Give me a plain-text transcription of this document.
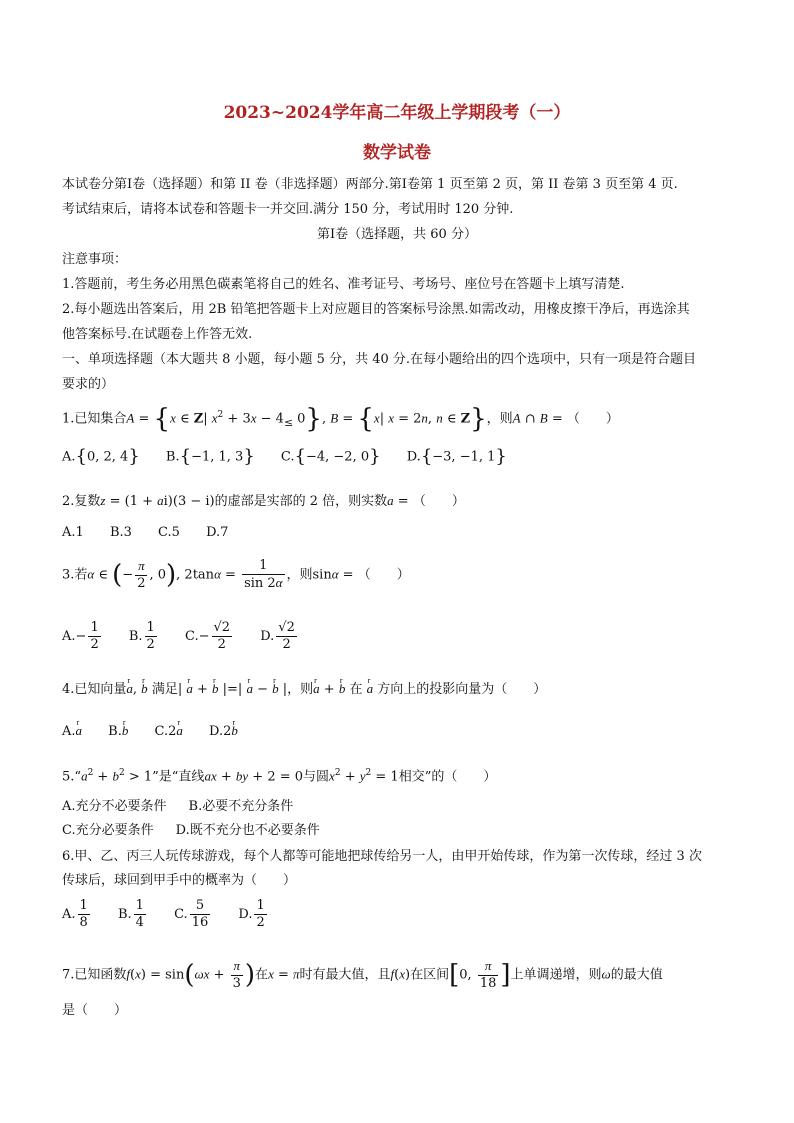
2023~2024学年高二年级上学期段考（一）
数学试卷
本试卷分第Ⅰ卷（选择题）和第 II 卷（非选择题）两部分.第Ⅰ卷第 1 页至第 2 页，第 II 卷第 3 页至第 4 页.
考试结束后，请将本试卷和答题卡一并交回.满分 150 分，考试用时 120 分钟.
第Ⅰ卷（选择题，共 60 分）
注意事项：
1.答题前，考生务必用黑色碳素笔将自己的姓名、准考证号、考场号、座位号在答题卡上填写清楚.
2.每小题选出答案后，用 2B 铅笔把答题卡上对应题目的答案标号涂黑.如需改动，用橡皮擦干净后，再选涂其
他答案标号.在试题卷上作答无效.
一、单项选择题（本大题共 8 小题，每小题 5 分，共 40 分.在每小题给出的四个选项中，只有一项是符合题目
要求的）
1.已知集合A = {x ∈ Z| $x^2 + 3x - 4_\le$ 0}, B = {x| x = 2n, n ∈ Z}，则A ∩ B = （　　）
A.{0, 2, 4} B.{−1, 1, 3} C.{−4, −2, 0} D.{−3, −1, 1}
2.复数z = (1 + ai)(3 − i)的虚部是实部的 2 倍，则实数a = （　　）
A.1 B.3 C.5 D.7
3.若α ∈ (− $\frac{\pi}{2}$ , 0), $2\tan\alpha = \frac{1}{\sin 2\alpha}$ ，则sinα = （　　）
$A.- \frac{1}{2} B$. $\frac{1}{2} C.- \frac{√2}{2} D$. $\frac{√2}{2}$
4.已知向量r a, r b 满足| r a + r b |=| r a − r b |，则r a + r b 在 r a 方向上的投影向量为（　　）
A.r a B.r b C.2r a D.2r b
$5.“a^2 + b^2 > 1$”是“直线ax + by + 2 = 0与圆$x^2 + y^2 = 1$相交”的（　　）
A.充分不必要条件 B.必要不充分条件
C.充分必要条件 D.既不充分也不必要条件
6.甲、乙、丙三人玩传球游戏，每个人都等可能地把球传给另一人，由甲开始传球，作为第一次传球，经过 3 次
传球后，球回到甲手中的概率为（　　）
A. $\frac{1}{8} B$. $\frac{1}{4} C$. $\frac{5}{16} D$. $\frac{1}{2}$
7.已知函数$f(x) = \sin(\omega x + \frac{\pi}{3}$ )在x = π时有最大值，且f(x)在区间[0, $\frac{\pi}{18}$ ]上单调递增，则ω的最大值
是（　　）
